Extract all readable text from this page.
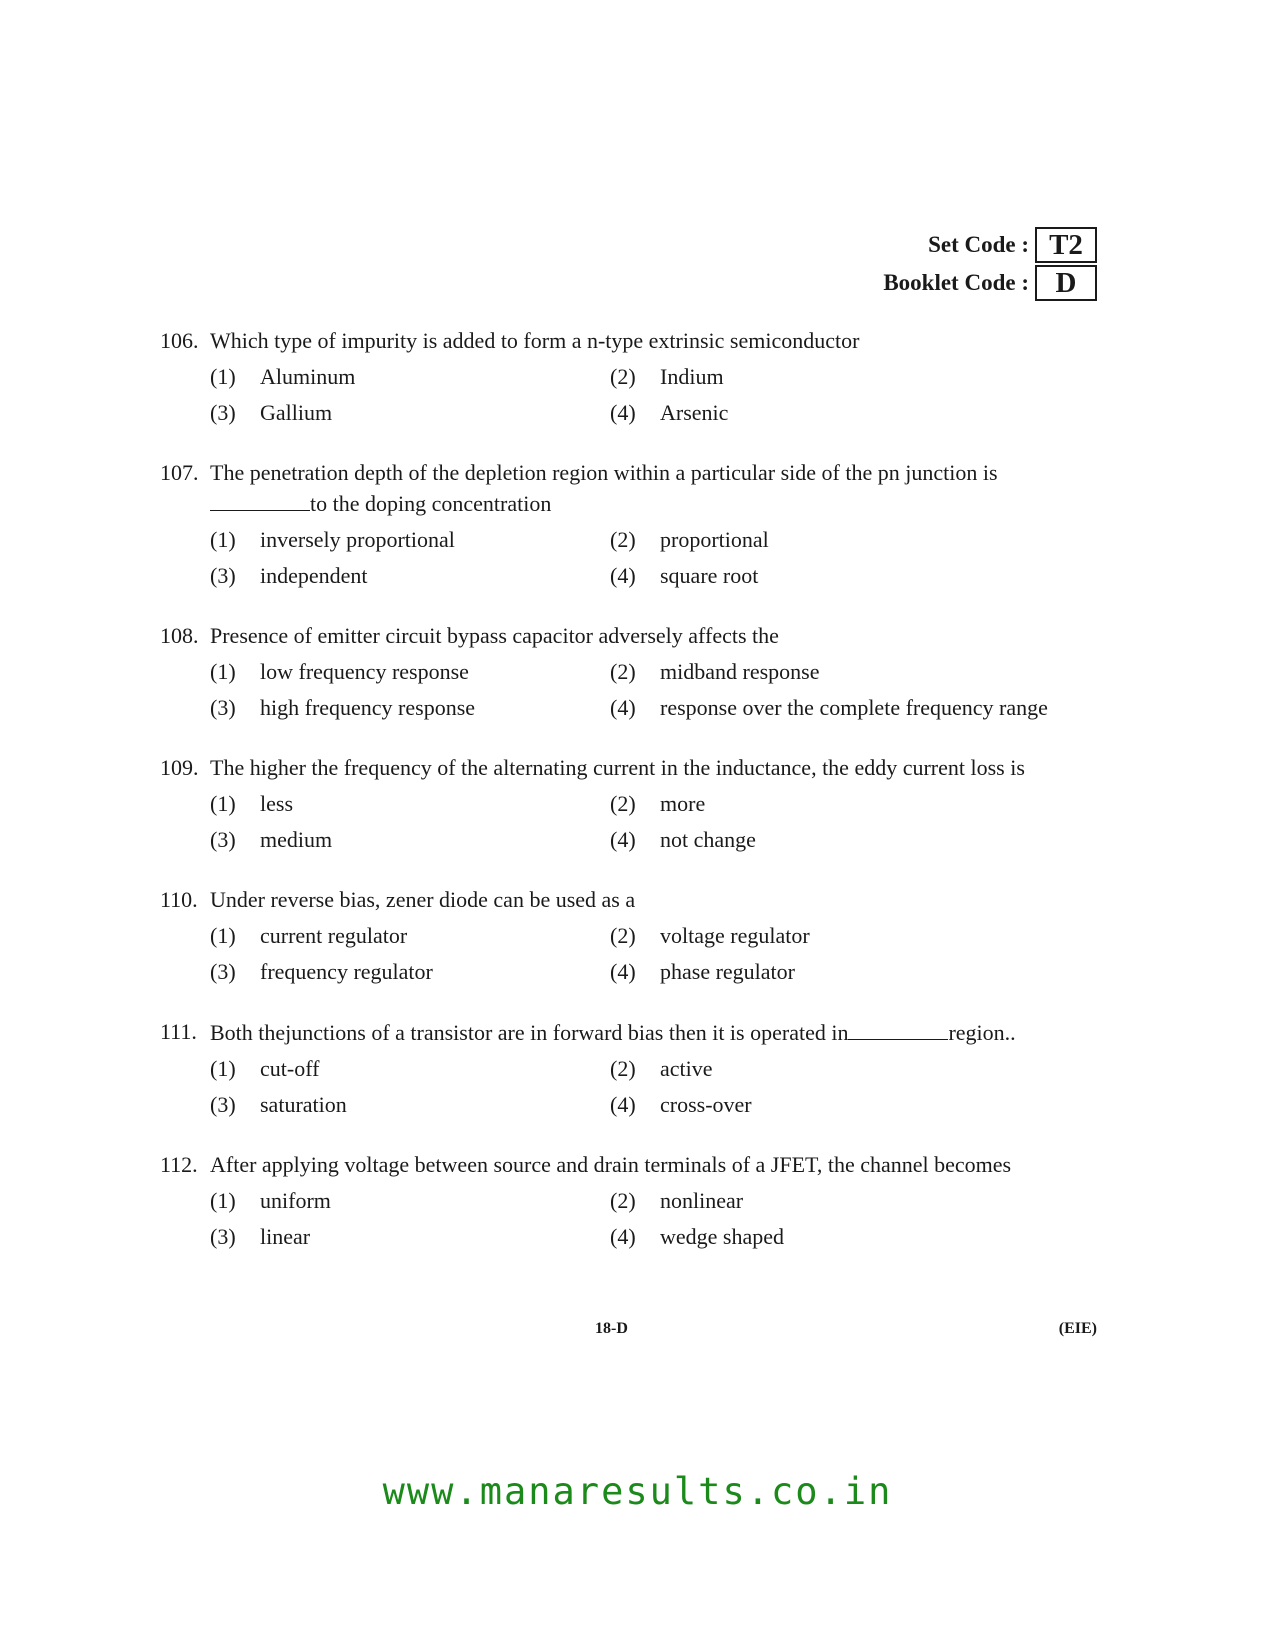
Set Code : T2
Booklet Code : D
106. Which type of impurity is added to form a n-type extrinsic semiconductor
(1)	Aluminum	(2)	Indium
(3)	Gallium	(4)	Arsenic
107. The penetration depth of the depletion region within a particular side of the pn junction is
to the doping concentration
(1)	inversely proportional	(2)	proportional
(3)	independent	(4)	square root
108. Presence of emitter circuit bypass capacitor adversely affects the
(1)	low frequency response	(2)	midband response
(3)	high frequency response	(4)	response over the complete frequency range
109. The higher the frequency of the alternating current in the inductance, the eddy current loss is
(1)	less	(2)	more
(3)	medium	(4)	not change
110. Under reverse bias, zener diode can be used as a
(1)	current regulator	(2)	voltage regulator
(3)	frequency regulator	(4)	phase regulator
111. Both thejunctions of a transistor are in forward bias then it is operated in	region..
(1)	cut-off	(2)	active
(3)	saturation	(4)	cross-over
112. After applying voltage between source and drain terminals of a JFET, the channel becomes
(1)	uniform	(2)	nonlinear
(3)	linear	(4)	wedge shaped
18-D	(EIE)
www.manaresults.co.in
